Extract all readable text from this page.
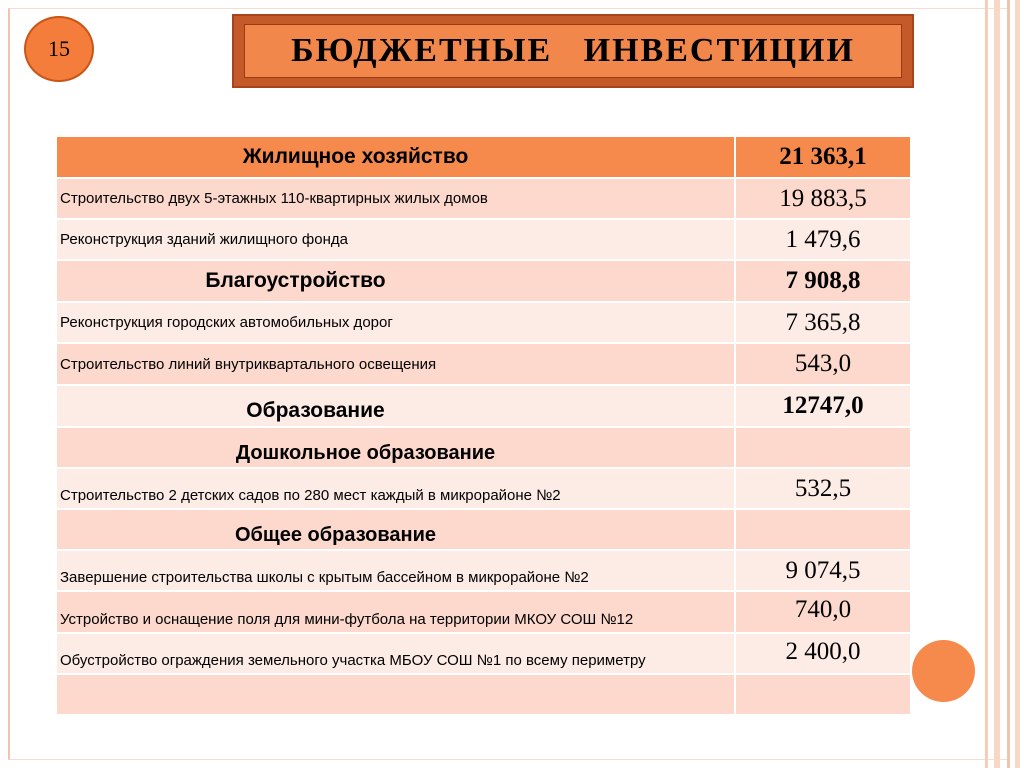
15	БЮДЖЕТНЫЕ   ИНВЕСТИЦИИ
Жилищное хозяйство	21 363,1
Строительство двух 5-этажных 110-квартирных жилых домов	19 883,5
Реконструкция зданий жилищного фонда	1 479,6
Благоустройство	7 908,8
Реконструкция городских автомобильных дорог	7 365,8
Строительство линий внутриквартального освещения	543,0
Образование	12747,0
Дошкольное образование	
Строительство 2 детских садов по 280 мест каждый в микрорайоне №2	532,5
Общее образование	
Завершение строительства школы с крытым бассейном в микрорайоне №2	9 074,5
Устройство и оснащение поля для мини-футбола на территории МКОУ СОШ №12	740,0
Обустройство ограждения земельного участка МБОУ СОШ №1 по всему периметру	2 400,0
